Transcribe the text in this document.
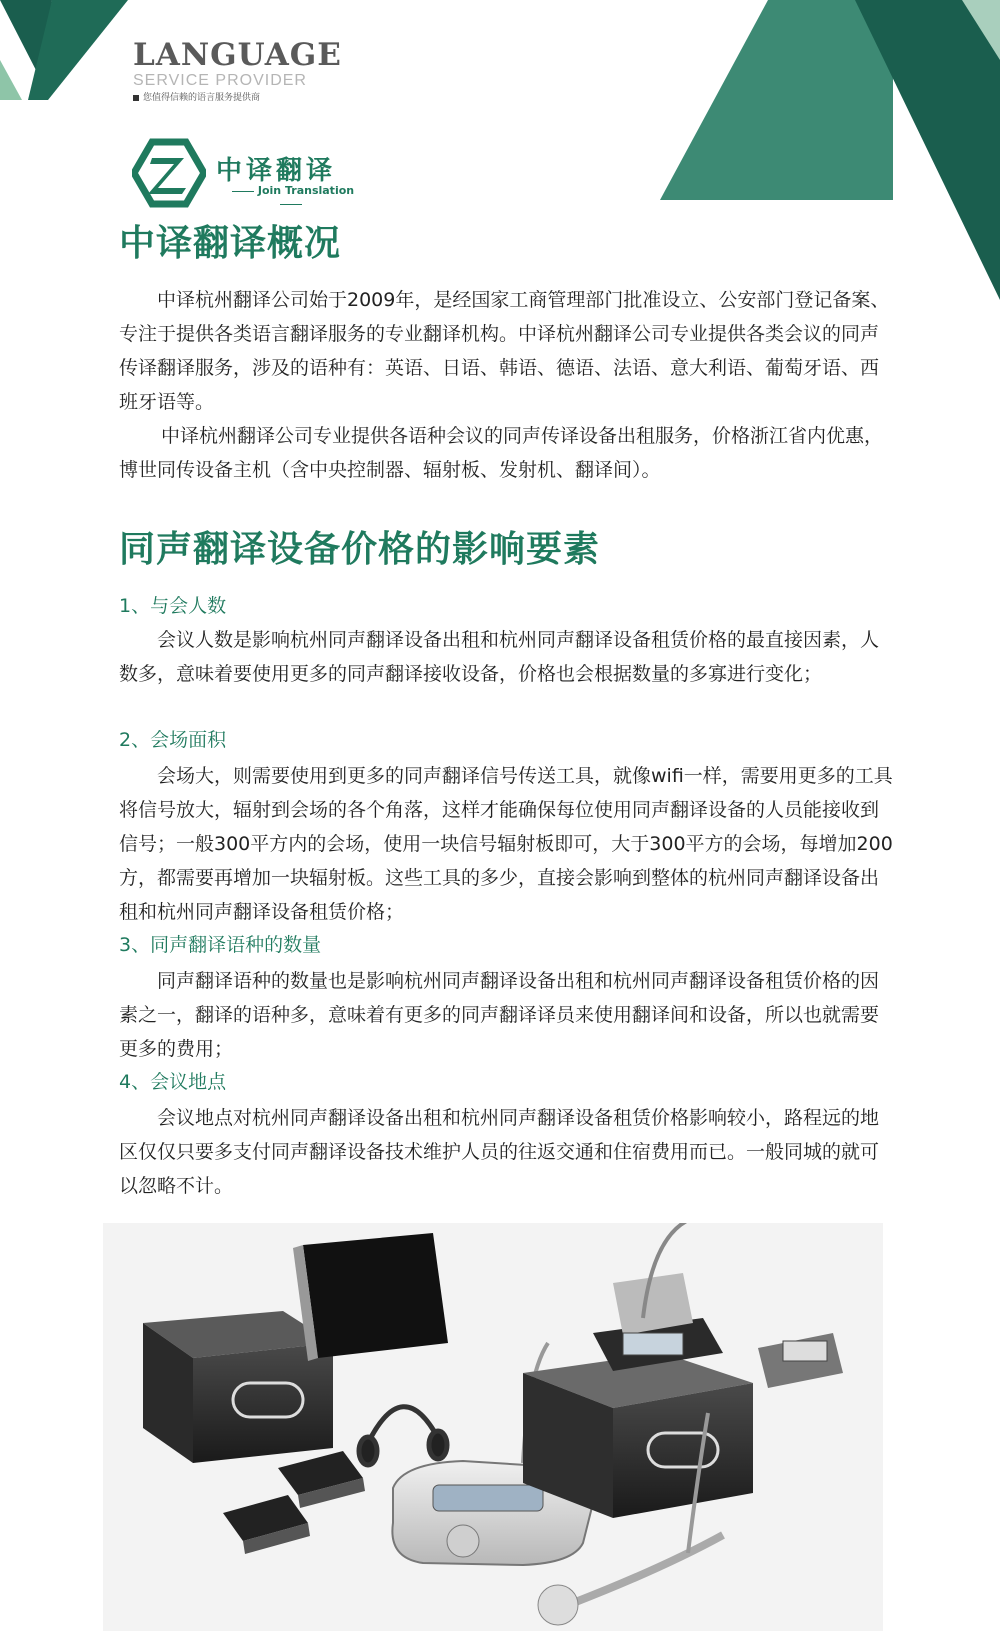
LANGUAGE
SERVICE PROVIDER
您值得信赖的语言服务提供商
中译翻译
Join Translation
中译翻译概况

中译杭州翻译公司始于2009年，是经国家工商管理部门批准设立、公安部门登记备案、专注于提供各类语言翻译服务的专业翻译机构。中译杭州翻译公司专业提供各类会议的同声传译翻译服务，涉及的语种有：英语、日语、韩语、德语、法语、意大利语、葡萄牙语、西班牙语等。

中译杭州翻译公司专业提供各语种会议的同声传译设备出租服务，价格浙江省内优惠，博世同传设备主机（含中央控制器、辐射板、发射机、翻译间）。

同声翻译设备价格的影响要素

1、与会人数

会议人数是影响杭州同声翻译设备出租和杭州同声翻译设备租赁价格的最直接因素，人数多，意味着要使用更多的同声翻译接收设备，价格也会根据数量的多寡进行变化；

2、会场面积

会场大，则需要使用到更多的同声翻译信号传送工具，就像wifi一样，需要用更多的工具将信号放大，辐射到会场的各个角落，这样才能确保每位使用同声翻译设备的人员能接收到信号；一般300平方内的会场，使用一块信号辐射板即可，大于300平方的会场，每增加200方，都需要再增加一块辐射板。这些工具的多少，直接会影响到整体的杭州同声翻译设备出租和杭州同声翻译设备租赁价格；

3、同声翻译语种的数量

同声翻译语种的数量也是影响杭州同声翻译设备出租和杭州同声翻译设备租赁价格的因素之一，翻译的语种多，意味着有更多的同声翻译译员来使用翻译间和设备，所以也就需要更多的费用；

4、会议地点

会议地点对杭州同声翻译设备出租和杭州同声翻译设备租赁价格影响较小，路程远的地区仅仅只要多支付同声翻译设备技术维护人员的往返交通和住宿费用而已。一般同城的就可以忽略不计。
